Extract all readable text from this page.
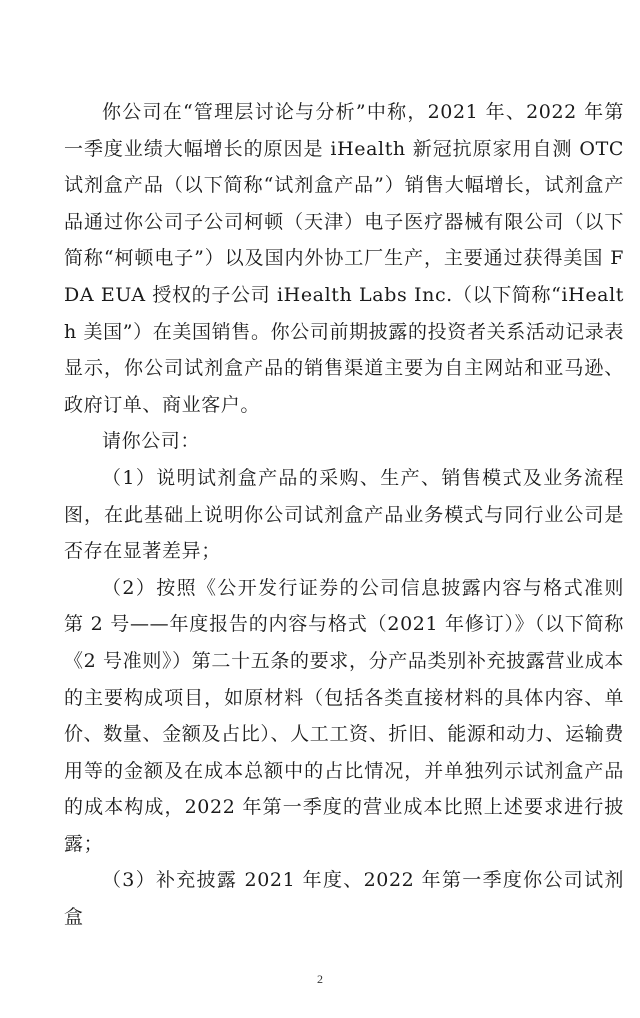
你公司在“管理层讨论与分析”中称，2021 年、2022 年第一季度业绩大幅增长的原因是 iHealth 新冠抗原家用自测 OTC 试剂盒产品（以下简称“试剂盒产品”）销售大幅增长，试剂盒产品通过你公司子公司柯顿（天津）电子医疗器械有限公司（以下简称“柯顿电子”）以及国内外协工厂生产，主要通过获得美国 FDA EUA 授权的子公司 iHealth Labs Inc.（以下简称“iHealth 美国”）在美国销售。你公司前期披露的投资者关系活动记录表显示，你公司试剂盒产品的销售渠道主要为自主网站和亚马逊、政府订单、商业客户。

请你公司：

（1）说明试剂盒产品的采购、生产、销售模式及业务流程图，在此基础上说明你公司试剂盒产品业务模式与同行业公司是否存在显著差异；

（2）按照《公开发行证券的公司信息披露内容与格式准则第 2 号——年度报告的内容与格式（2021 年修订）》（以下简称《2 号准则》）第二十五条的要求，分产品类别补充披露营业成本的主要构成项目，如原材料（包括各类直接材料的具体内容、单价、数量、金额及占比）、人工工资、折旧、能源和动力、运输费用等的金额及在成本总额中的占比情况，并单独列示试剂盒产品的成本构成，2022 年第一季度的营业成本比照上述要求进行披露；

（3）补充披露 2021 年度、2022 年第一季度你公司试剂盒

2
